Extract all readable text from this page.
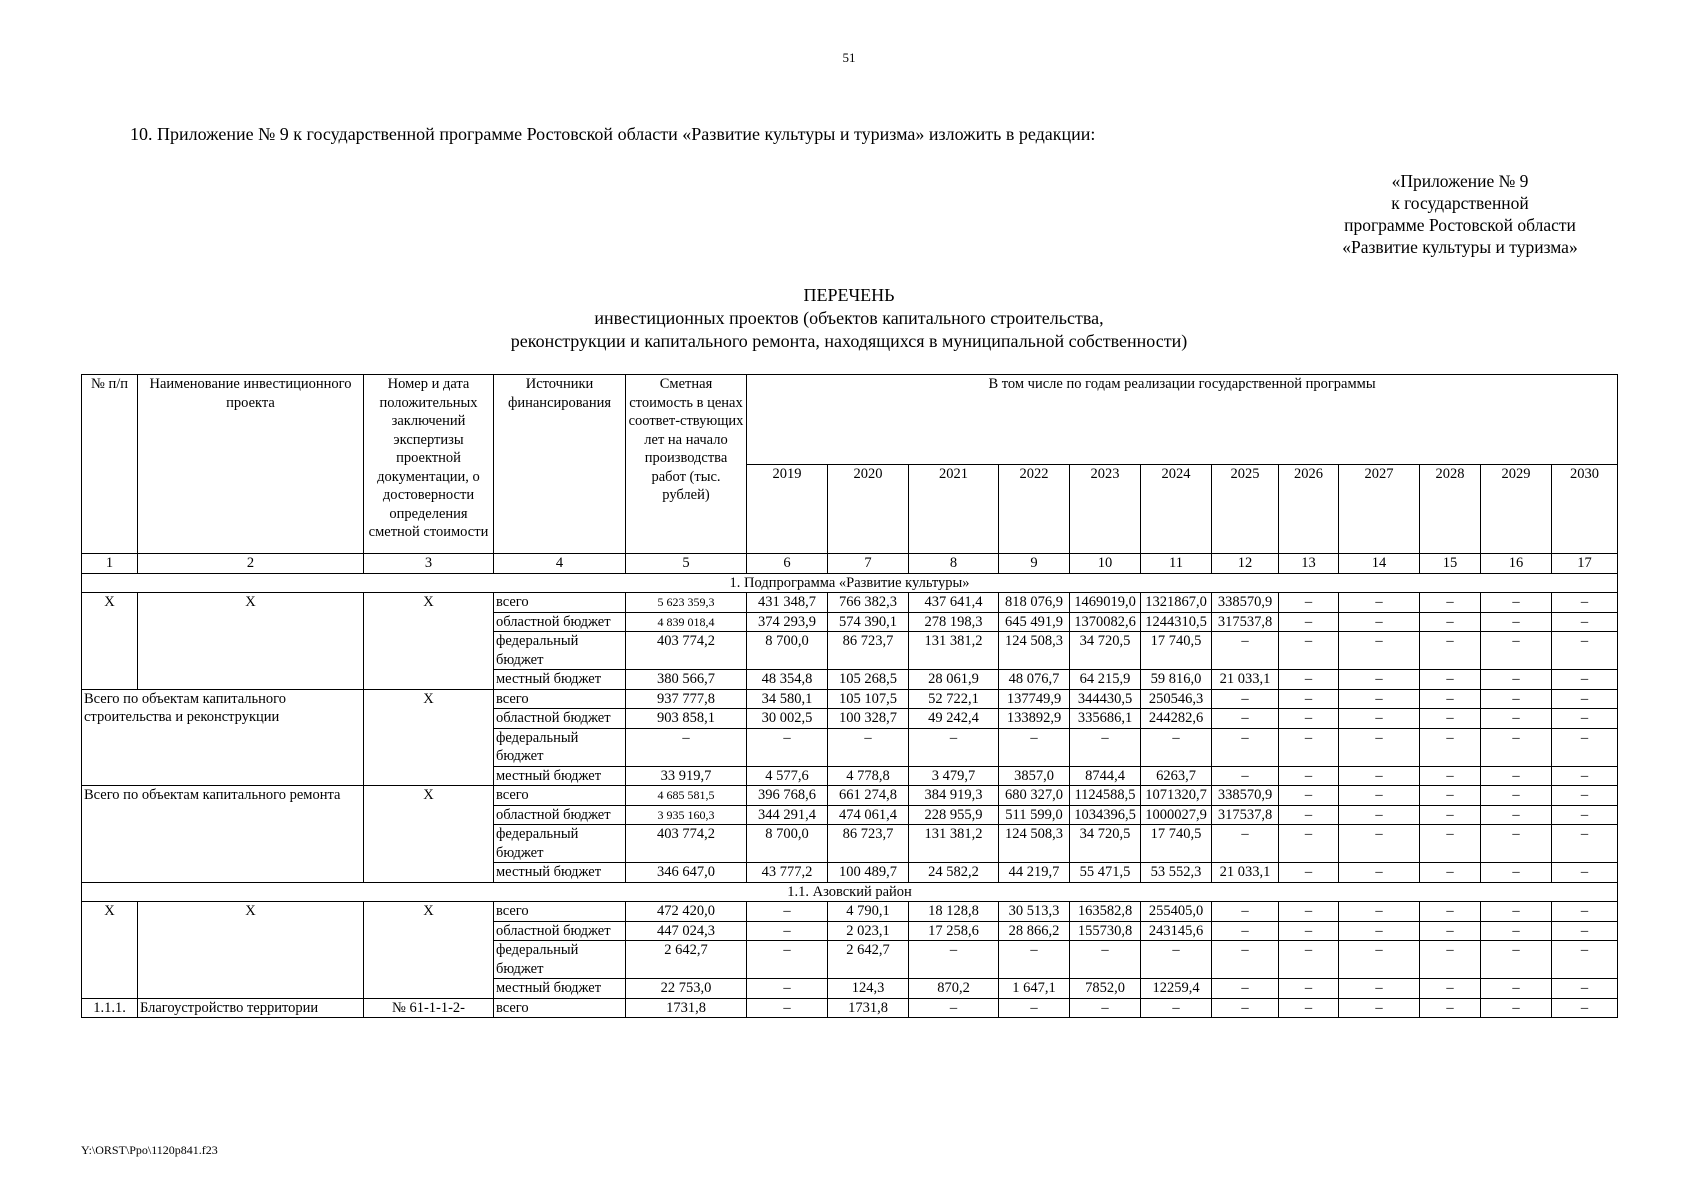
51
10. Приложение № 9 к государственной программе Ростовской области «Развитие культуры и туризма» изложить в редакции:
«Приложение № 9
к государственной
программе Ростовской области
«Развитие культуры и туризма»
ПЕРЕЧЕНЬ
инвестиционных проектов (объектов капитального строительства,
реконструкции и капитального ремонта, находящихся в муниципальной собственности)
№ п/п	Наименование инвестиционного проекта	Номер и дата положительных заключений экспертизы проектной документации, о достоверности определения сметной стоимости	Источники финансирования	Сметная стоимость в ценах соответ-ствующих лет на начало производства работ (тыс. рублей)	В том числе по годам реализации государственной программы											
					2019	2020	2021	2022	2023	2024	2025	2026	2027	2028	2029	2030
1	2	3	4	5	6	7	8	9	10	11	12	13	14	15	16	17
1. Подпрограмма «Развитие культуры»																
Х	Х	Х	всего	5 623 359,3	431 348,7	766 382,3	437 641,4	818 076,9	1469019,0	1321867,0	338570,9	–	–	–	–	–
			областной бюджет	4 839 018,4	374 293,9	574 390,1	278 198,3	645 491,9	1370082,6	1244310,5	317537,8	–	–	–	–	–
			федеральный бюджет	403 774,2	8 700,0	86 723,7	131 381,2	124 508,3	34 720,5	17 740,5	–	–	–	–	–	–
			местный бюджет	380 566,7	48 354,8	105 268,5	28 061,9	48 076,7	64 215,9	59 816,0	21 033,1	–	–	–	–	–
Всего по объектам капитального строительства и реконструкции		Х	всего	937 777,8	34 580,1	105 107,5	52 722,1	137749,9	344430,5	250546,3	–	–	–	–	–	–
			областной бюджет	903 858,1	30 002,5	100 328,7	49 242,4	133892,9	335686,1	244282,6	–	–	–	–	–	–
			федеральный бюджет	–	–	–	–	–	–	–	–	–	–	–	–	–
			местный бюджет	33 919,7	4 577,6	4 778,8	3 479,7	3857,0	8744,4	6263,7	–	–	–	–	–	–
Всего по объектам капитального ремонта		Х	всего	4 685 581,5	396 768,6	661 274,8	384 919,3	680 327,0	1124588,5	1071320,7	338570,9	–	–	–	–	–
			областной бюджет	3 935 160,3	344 291,4	474 061,4	228 955,9	511 599,0	1034396,5	1000027,9	317537,8	–	–	–	–	–
			федеральный бюджет	403 774,2	8 700,0	86 723,7	131 381,2	124 508,3	34 720,5	17 740,5	–	–	–	–	–	–
			местный бюджет	346 647,0	43 777,2	100 489,7	24 582,2	44 219,7	55 471,5	53 552,3	21 033,1	–	–	–	–	–
1.1. Азовский район																
Х	Х	Х	всего	472 420,0	–	4 790,1	18 128,8	30 513,3	163582,8	255405,0	–	–	–	–	–	–
			областной бюджет	447 024,3	–	2 023,1	17 258,6	28 866,2	155730,8	243145,6	–	–	–	–	–	–
			федеральный бюджет	2 642,7	–	2 642,7	–	–	–	–	–	–	–	–	–	–
			местный бюджет	22 753,0	–	124,3	870,2	1 647,1	7852,0	12259,4	–	–	–	–	–	–
1.1.1.	Благоустройство территории	№ 61-1-1-2-	всего	1731,8	–	1731,8	–	–	–	–	–	–	–	–	–	–
Y:\ORST\Ppo\1120p841.f23
